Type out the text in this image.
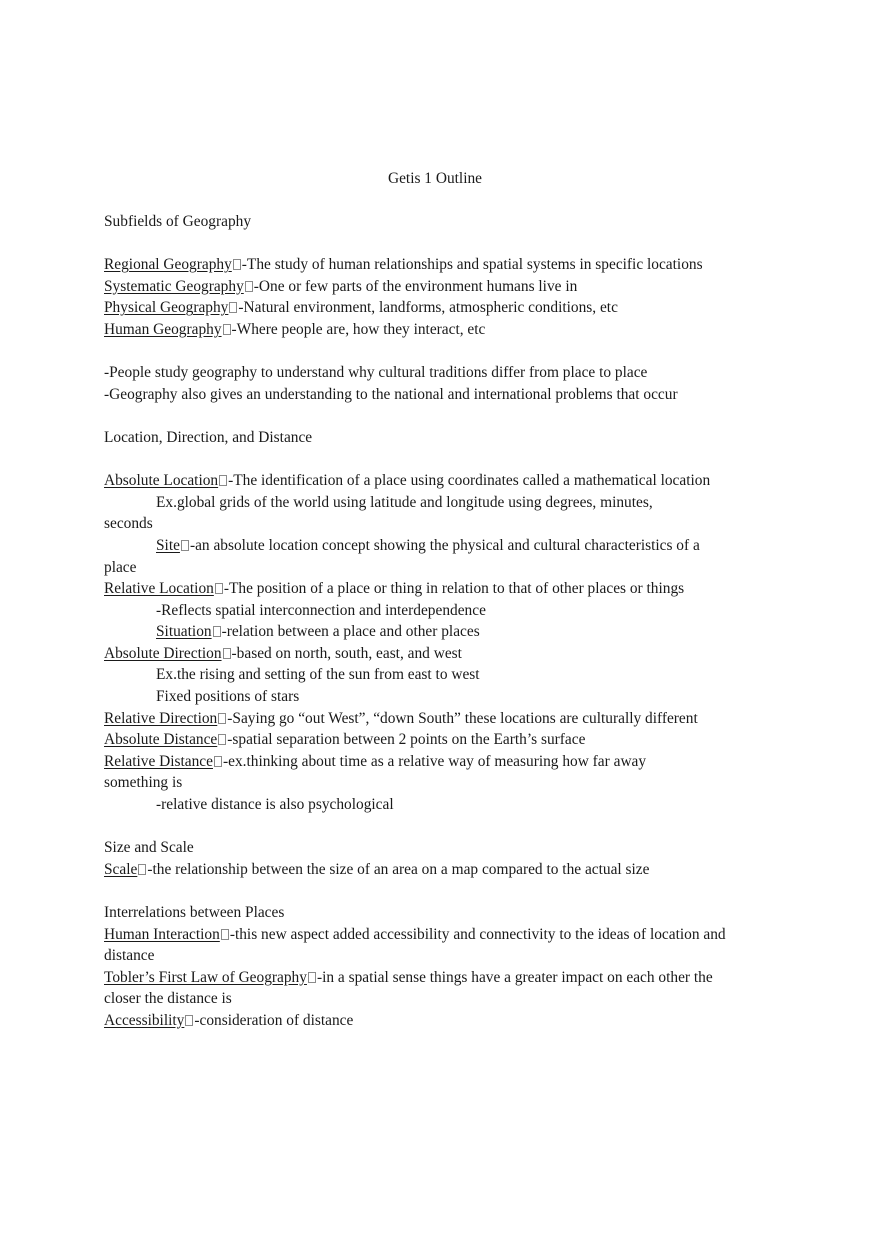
Getis 1 Outline
Subfields of Geography
Regional Geography -The study of human relationships and spatial systems in specific locations
Systematic Geography -One or few parts of the environment humans live in
Physical Geography -Natural environment, landforms, atmospheric conditions, etc
Human Geography -Where people are, how they interact, etc
-People study geography to understand why cultural traditions differ from place to place
-Geography also gives an understanding to the national and international problems that occur
Location, Direction, and Distance
Absolute Location -The identification of a place using coordinates called a mathematical location
Ex.global grids of the world using latitude and longitude using degrees, minutes, seconds
Site -an absolute location concept showing the physical and cultural characteristics of a place
Relative Location -The position of a place or thing in relation to that of other places or things
-Reflects spatial interconnection and interdependence
Situation -relation between a place and other places
Absolute Direction -based on north, south, east, and west
Ex.the rising and setting of the sun from east to west
Fixed positions of stars
Relative Direction -Saying go “out West”, “down South” these locations are culturally different
Absolute Distance -spatial separation between 2 points on the Earth’s surface
Relative Distance -ex.thinking about time as a relative way of measuring how far away something is
-relative distance is also psychological
Size and Scale
Scale -the relationship between the size of an area on a map compared to the actual size
Interrelations between Places
Human Interaction -this new aspect added accessibility and connectivity to the ideas of location and distance
Tobler’s First Law of Geography -in a spatial sense things have a greater impact on each other the closer the distance is
Accessibility -consideration of distance
